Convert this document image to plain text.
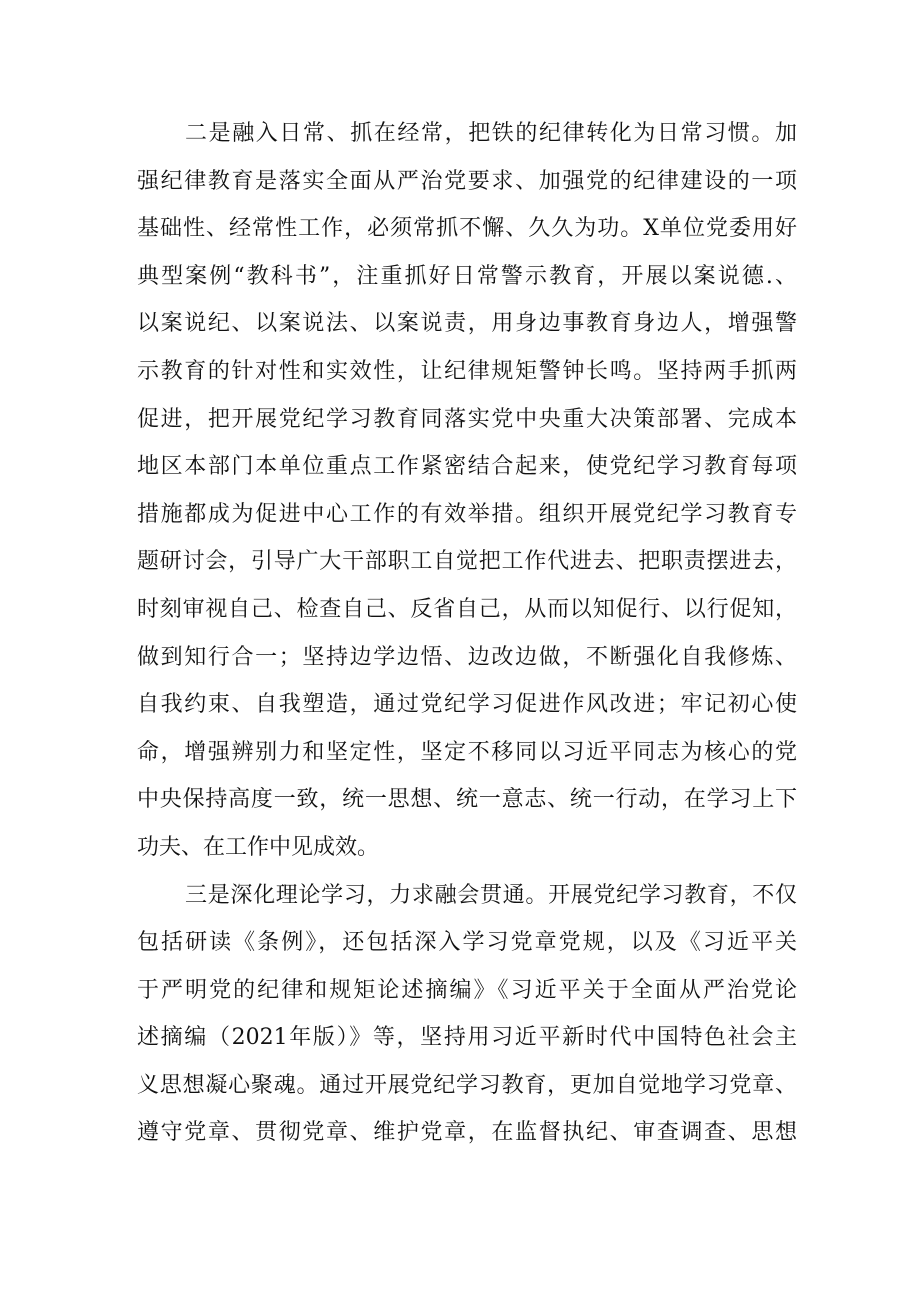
二是融入日常、抓在经常，把铁的纪律转化为日常习惯。加
强纪律教育是落实全面从严治党要求、加强党的纪律建设的一项
基础性、经常性工作，必须常抓不懈、久久为功。X单位党委用好
典型案例“教科书”，注重抓好日常警示教育，开展以案说德.、
以案说纪、以案说法、以案说责，用身边事教育身边人，增强警
示教育的针对性和实效性，让纪律规矩警钟长鸣。坚持两手抓两
促进，把开展党纪学习教育同落实党中央重大决策部署、完成本
地区本部门本单位重点工作紧密结合起来，使党纪学习教育每项
措施都成为促进中心工作的有效举措。组织开展党纪学习教育专
题研讨会，引导广大干部职工自觉把工作代进去、把职责摆进去，
时刻审视自己、检查自己、反省自己，从而以知促行、以行促知，
做到知行合一；坚持边学边悟、边改边做，不断强化自我修炼、
自我约束、自我塑造，通过党纪学习促进作风改进；牢记初心使
命，增强辨别力和坚定性，坚定不移同以习近平同志为核心的党
中央保持高度一致，统一思想、统一意志、统一行动，在学习上下
功夫、在工作中见成效。

三是深化理论学习，力求融会贯通。开展党纪学习教育，不仅
包括研读《条例》，还包括深入学习党章党规，以及《习近平关
于严明党的纪律和规矩论述摘编》《习近平关于全面从严治党论
述摘编（2021年版）》等，坚持用习近平新时代中国特色社会主
义思想凝心聚魂。通过开展党纪学习教育，更加自觉地学习党章、
遵守党章、贯彻党章、维护党章，在监督执纪、审查调查、思想
